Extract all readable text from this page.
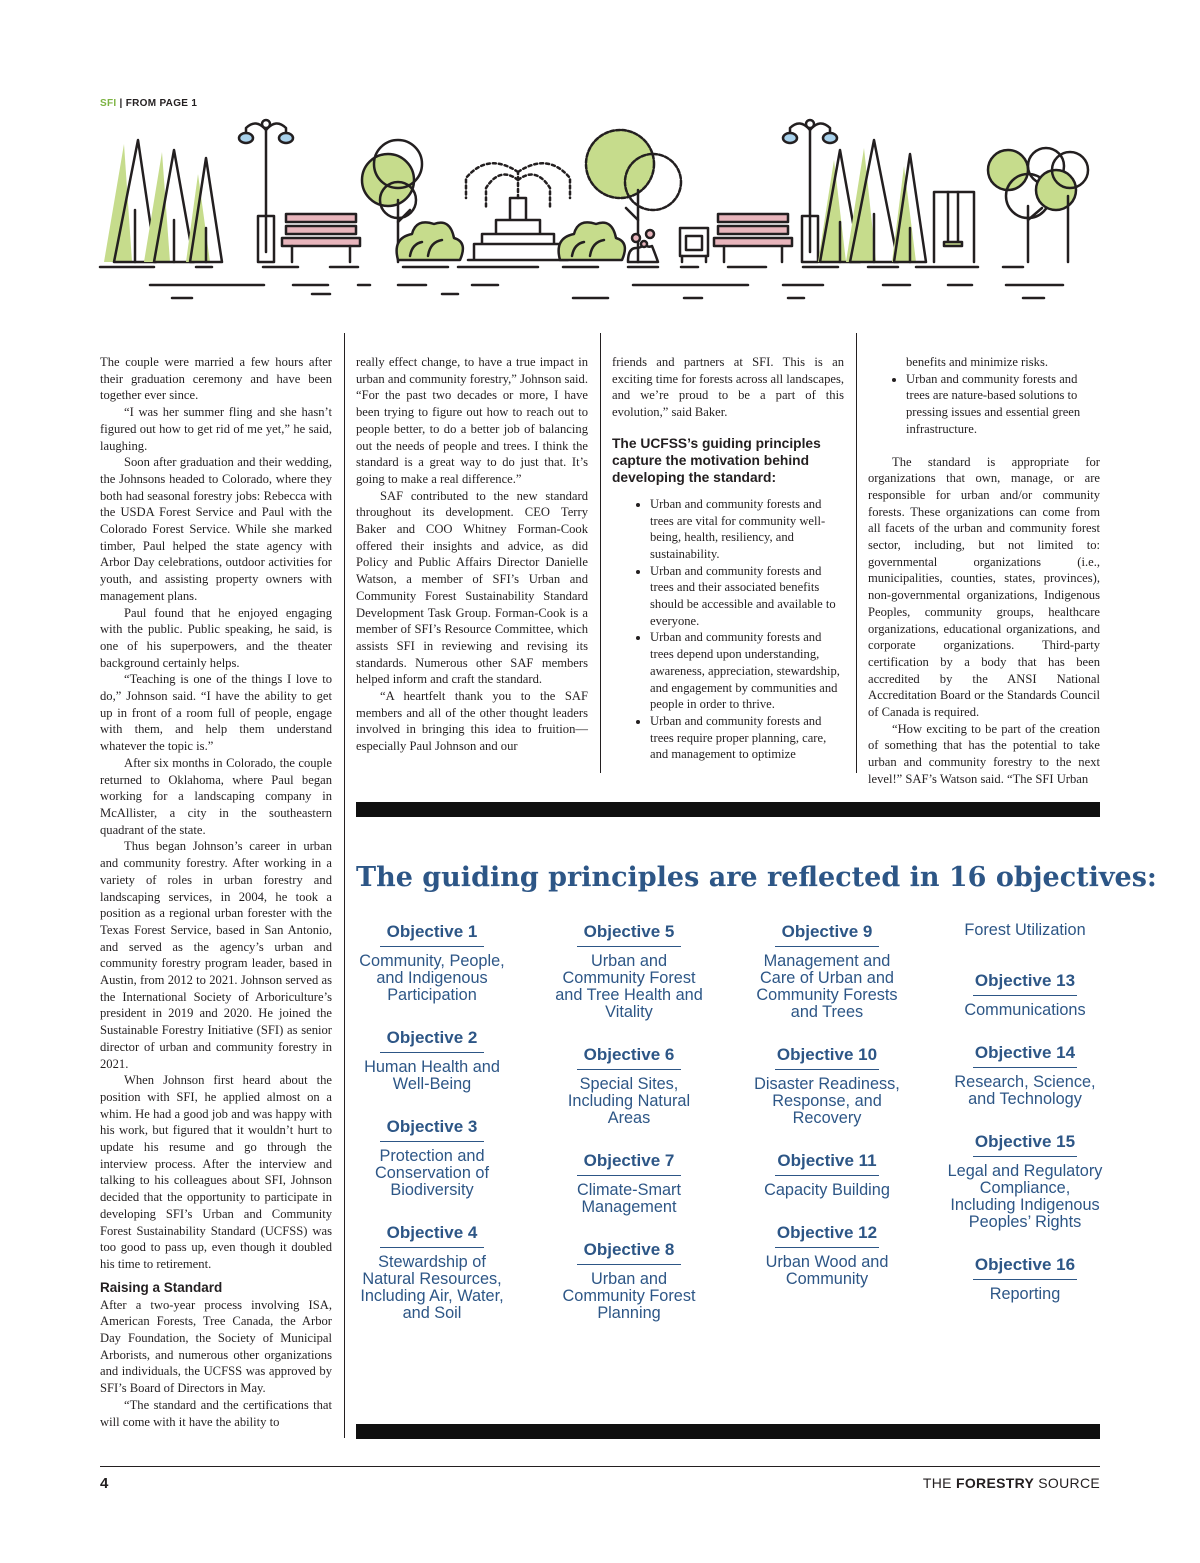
SFI | FROM PAGE 1

The couple were married a few hours after their graduation ceremony and have been together ever since.

“I was her summer fling and she hasn’t figured out how to get rid of me yet,” he said, laughing.

Soon after graduation and their wedding, the Johnsons headed to Colorado, where they both had seasonal forestry jobs: Rebecca with the USDA Forest Service and Paul with the Colorado Forest Service. While she marked timber, Paul helped the state agency with Arbor Day celebrations, outdoor activities for youth, and assisting property owners with management plans.

Paul found that he enjoyed engaging with the public. Public speaking, he said, is one of his superpowers, and the theater background certainly helps.

“Teaching is one of the things I love to do,” Johnson said. “I have the ability to get up in front of a room full of people, engage with them, and help them understand whatever the topic is.”

After six months in Colorado, the couple returned to Oklahoma, where Paul began working for a landscaping company in McAllister, a city in the southeastern quadrant of the state.

Thus began Johnson’s career in urban and community forestry. After working in a variety of roles in urban forestry and landscaping services, in 2004, he took a position as a regional urban forester with the Texas Forest Service, based in San Antonio, and served as the agency’s urban and community forestry program leader, based in Austin, from 2012 to 2021. Johnson served as the International Society of Arboriculture’s president in 2019 and 2020. He joined the Sustainable Forestry Initiative (SFI) as senior director of urban and community forestry in 2021.

When Johnson first heard about the position with SFI, he applied almost on a whim. He had a good job and was happy with his work, but figured that it wouldn’t hurt to update his resume and go through the interview process. After the interview and talking to his colleagues about SFI, Johnson decided that the opportunity to participate in developing SFI’s Urban and Community Forest Sustainability Standard (UCFSS) was too good to pass up, even though it doubled his time to retirement.

Raising a Standard

After a two-year process involving ISA, American Forests, Tree Canada, the Arbor Day Foundation, the Society of Municipal Arborists, and numerous other organizations and individuals, the UCFSS was approved by SFI’s Board of Directors in May.

“The standard and the certifications that will come with it have the ability to

really effect change, to have a true impact in urban and community forestry,” Johnson said. “For the past two decades or more, I have been trying to figure out how to reach out to people better, to do a better job of balancing out the needs of people and trees. I think the standard is a great way to do just that. It’s going to make a real difference.”

SAF contributed to the new standard throughout its development. CEO Terry Baker and COO Whitney Forman-Cook offered their insights and advice, as did Policy and Public Affairs Director Danielle Watson, a member of SFI’s Urban and Community Forest Sustainability Standard Development Task Group. Forman-Cook is a member of SFI’s Resource Committee, which assists SFI in reviewing and revising its standards. Numerous other SAF members helped inform and craft the standard.

“A heartfelt thank you to the SAF members and all of the other thought leaders involved in bringing this idea to fruition—especially Paul Johnson and our

friends and partners at SFI. This is an exciting time for forests across all landscapes, and we’re proud to be a part of this evolution,” said Baker.

The UCFSS’s guiding principles capture the motivation behind developing the standard:
• Urban and community forests and trees are vital for community well-being, health, resiliency, and sustainability.
• Urban and community forests and trees and their associated benefits should be accessible and available to everyone.
• Urban and community forests and trees depend upon understanding, awareness, appreciation, stewardship, and engagement by communities and people in order to thrive.
• Urban and community forests and trees require proper planning, care, and management to optimize
benefits and minimize risks.
• Urban and community forests and trees are nature-based solutions to pressing issues and essential green infrastructure.

The standard is appropriate for organizations that own, manage, or are responsible for urban and/or community forests. These organizations can come from all facets of the urban and community forest sector, including, but not limited to: governmental organizations (i.e., municipalities, counties, states, provinces), non-governmental organizations, Indigenous Peoples, community groups, healthcare organizations, educational organizations, and corporate organizations. Third-party certification by a body that has been accredited by the ANSI National Accreditation Board or the Standards Council of Canada is required.

“How exciting to be part of the creation of something that has the potential to take urban and community forestry to the next level!” SAF’s Watson said. “The SFI Urban

The guiding principles are reflected in 16 objectives:
Objective 1
Community, People, and Indigenous Participation
Objective 2
Human Health and Well-Being
Objective 3
Protection and Conservation of Biodiversity
Objective 4
Stewardship of Natural Resources, Including Air, Water, and Soil
Objective 5
Urban and Community Forest and Tree Health and Vitality
Objective 6
Special Sites, Including Natural Areas
Objective 7
Climate-Smart Management
Objective 8
Urban and Community Forest Planning
Objective 9
Management and Care of Urban and Community Forests and Trees
Objective 10
Disaster Readiness, Response, and Recovery
Objective 11
Capacity Building
Objective 12
Urban Wood and Community
Forest Utilization
Objective 13
Communications
Objective 14
Research, Science, and Technology
Objective 15
Legal and Regulatory Compliance, Including Indigenous Peoples’ Rights
Objective 16
Reporting
4	THE FORESTRY SOURCE
